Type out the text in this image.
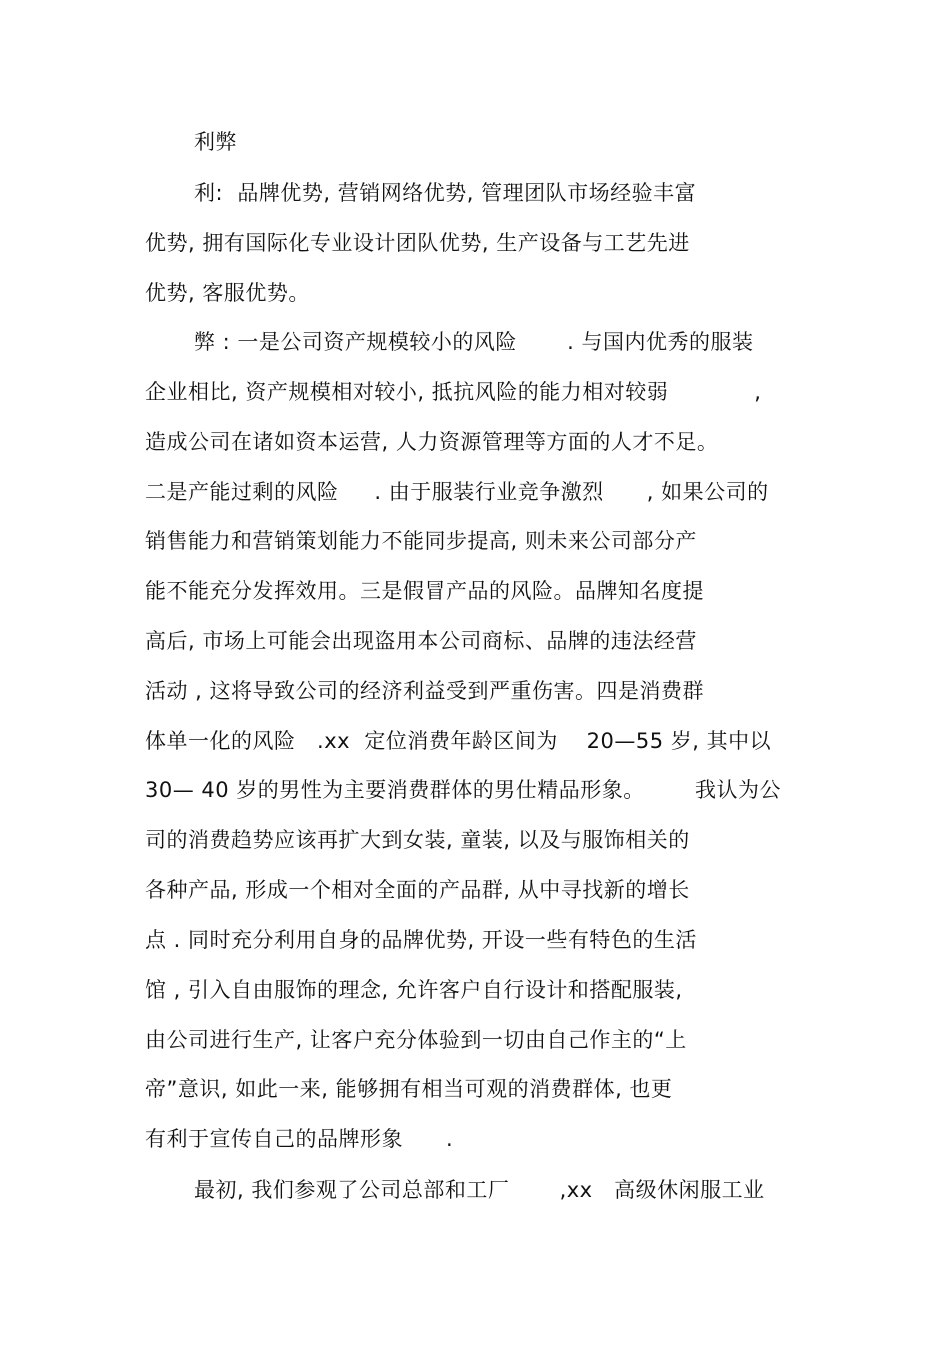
利弊
利:  品牌优势, 营销网络优势, 管理团队市场经验丰富
优势, 拥有国际化专业设计团队优势, 生产设备与工艺先进
优势, 客服优势。
弊 : 一是公司资产规模较小的风险       . 与国内优秀的服装
企业相比, 资产规模相对较小, 抵抗风险的能力相对较弱            ,
造成公司在诸如资本运营, 人力资源管理等方面的人才不足。
二是产能过剩的风险     . 由于服装行业竞争激烈      , 如果公司的
销售能力和营销策划能力不能同步提高, 则未来公司部分产
能不能充分发挥效用。三是假冒产品的风险。品牌知名度提
高后, 市场上可能会出现盗用本公司商标、品牌的违法经营
活动 , 这将导致公司的经济利益受到严重伤害。四是消费群
体单一化的风险   .xx  定位消费年龄区间为    20—55 岁, 其中以
30— 40 岁的男性为主要消费群体的男仕精品形象。       我认为公
司的消费趋势应该再扩大到女装, 童装, 以及与服饰相关的
各种产品, 形成一个相对全面的产品群, 从中寻找新的增长
点 . 同时充分利用自身的品牌优势, 开设一些有特色的生活
馆 , 引入自由服饰的理念, 允许客户自行设计和搭配服装,
由公司进行生产, 让客户充分体验到一切由自己作主的“上
帝”意识, 如此一来, 能够拥有相当可观的消费群体, 也更
有利于宣传自己的品牌形象      .
最初, 我们参观了公司总部和工厂       ,xx   高级休闲服工业
